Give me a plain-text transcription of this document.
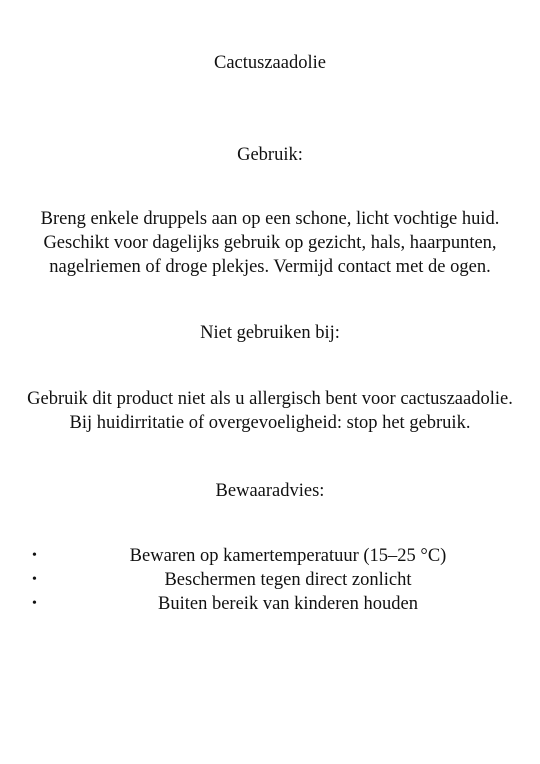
Cactuszaadolie
Gebruik:
Breng enkele druppels aan op een schone, licht vochtige huid.
Geschikt voor dagelijks gebruik op gezicht, hals, haarpunten,
nagelriemen of droge plekjes. Vermijd contact met de ogen.
Niet gebruiken bij:
Gebruik dit product niet als u allergisch bent voor cactuszaadolie.
Bij huidirritatie of overgevoeligheid: stop het gebruik.
Bewaaradvies:
•	Bewaren op kamertemperatuur (15–25 °C)
•	Beschermen tegen direct zonlicht
•	Buiten bereik van kinderen houden
